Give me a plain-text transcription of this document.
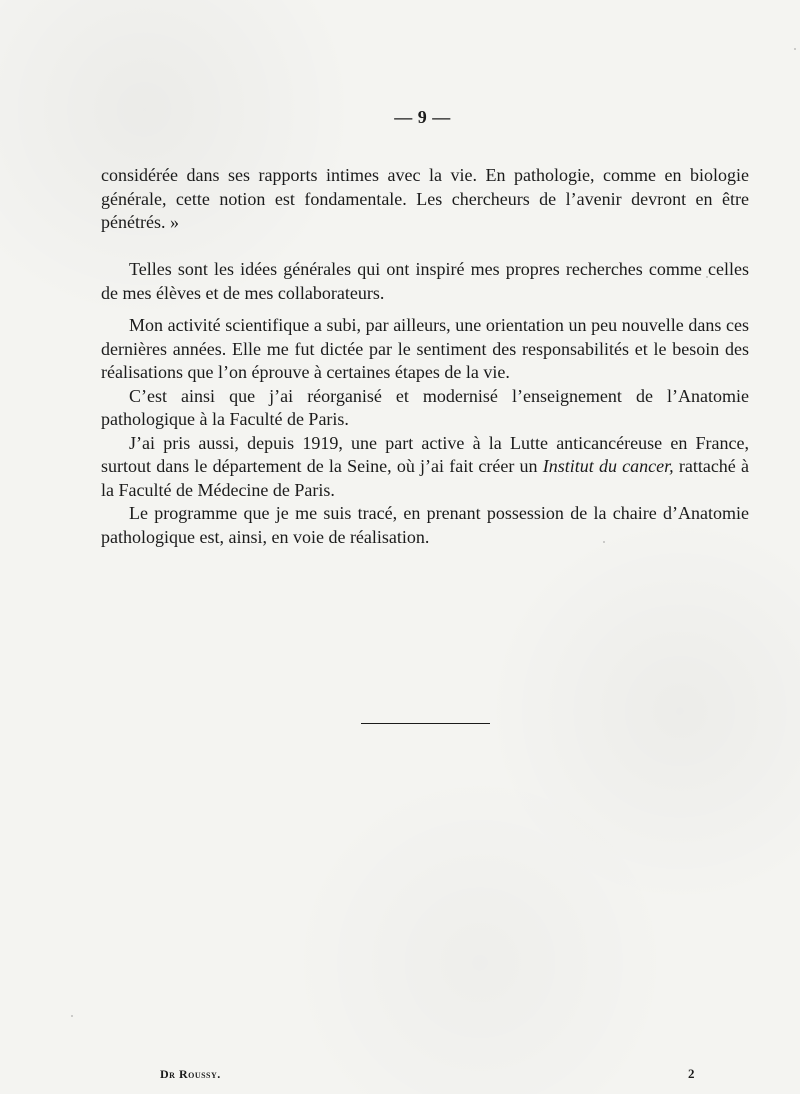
— 9 —

considérée dans ses rapports intimes avec la vie. En pathologie, comme en biologie générale, cette notion est fondamentale. Les chercheurs de l’avenir devront en être pénétrés. »

Telles sont les idées générales qui ont inspiré mes propres recherches comme celles de mes élèves et de mes collaborateurs.

Mon activité scientifique a subi, par ailleurs, une orientation un peu nouvelle dans ces dernières années. Elle me fut dictée par le sentiment des responsabilités et le besoin des réalisations que l’on éprouve à certaines étapes de la vie.

C’est ainsi que j’ai réorganisé et modernisé l’enseignement de l’Anatomie pathologique à la Faculté de Paris.

J’ai pris aussi, depuis 1919, une part active à la Lutte anticancéreuse en France, surtout dans le département de la Seine, où j’ai fait créer un Institut du cancer, rattaché à la Faculté de Médecine de Paris.

Le programme que je me suis tracé, en prenant possession de la chaire d’Anatomie pathologique est, ainsi, en voie de réalisation.

Dr Roussy.	2
